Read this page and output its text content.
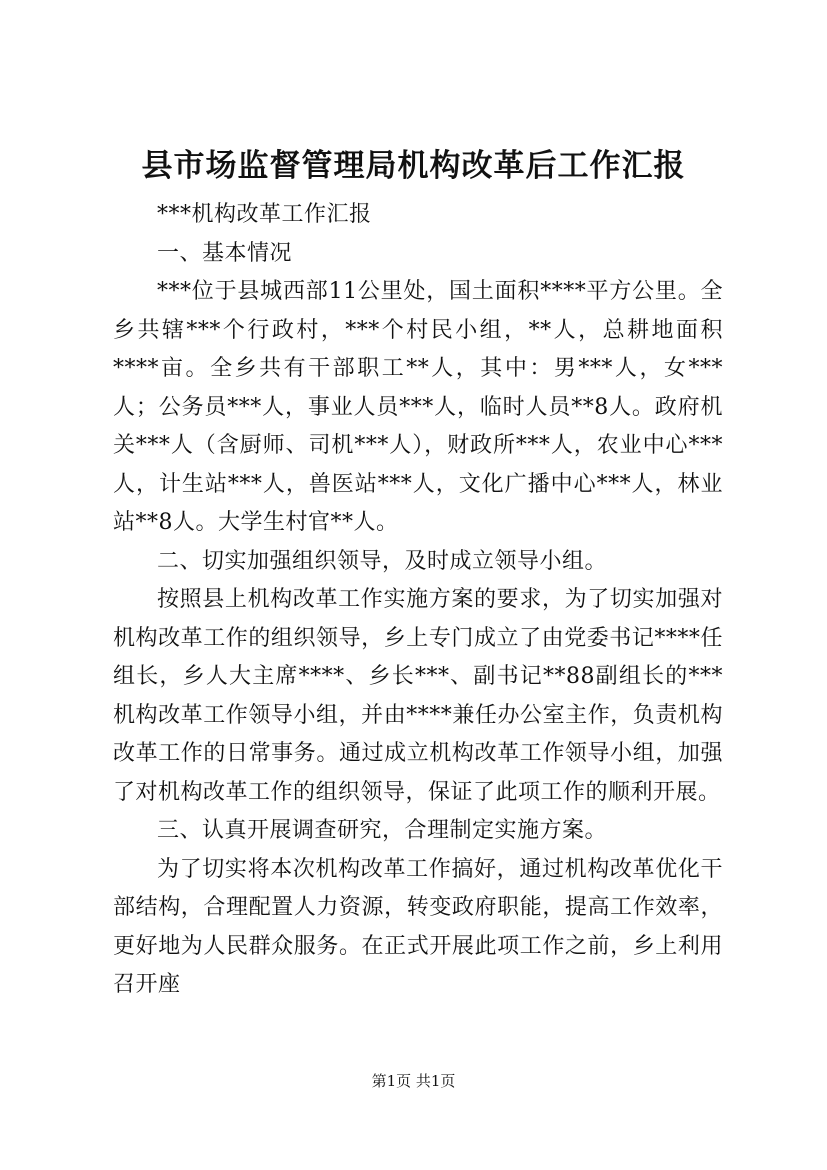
县市场监督管理局机构改革后工作汇报

***机构改革工作汇报

一、基本情况

***位于县城西部11公里处，国土面积****平方公里。全乡共辖***个行政村，***个村民小组，**人，总耕地面积****亩。全乡共有干部职工**人，其中：男***人，女***人；公务员***人，事业人员***人，临时人员**8人。政府机关***人（含厨师、司机***人），财政所***人，农业中心***人，计生站***人，兽医站***人，文化广播中心***人，林业站**8人。大学生村官**人。

二、切实加强组织领导，及时成立领导小组。

按照县上机构改革工作实施方案的要求，为了切实加强对机构改革工作的组织领导，乡上专门成立了由党委书记****任组长，乡人大主席****、乡长***、副书记**88副组长的***机构改革工作领导小组，并由****兼任办公室主作，负责机构改革工作的日常事务。通过成立机构改革工作领导小组，加强了对机构改革工作的组织领导，保证了此项工作的顺利开展。

三、认真开展调查研究，合理制定实施方案。

为了切实将本次机构改革工作搞好，通过机构改革优化干部结构，合理配置人力资源，转变政府职能，提高工作效率，更好地为人民群众服务。在正式开展此项工作之前，乡上利用召开座

第1页 共1页
